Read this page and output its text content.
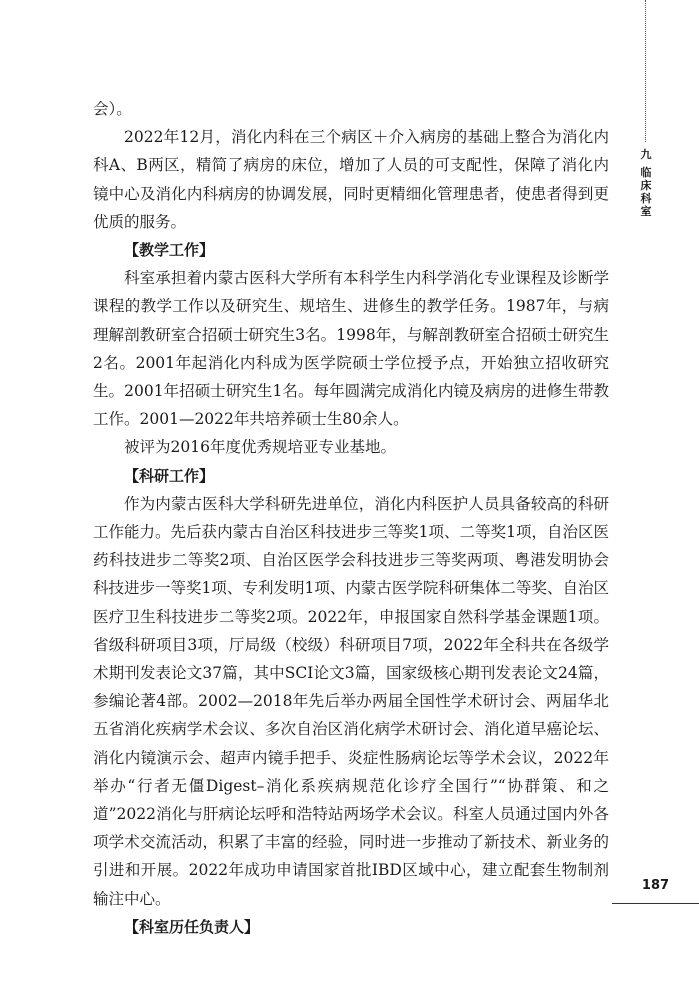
九
临
床
科
室

会）。

2022年12月，消化内科在三个病区＋介入病房的基础上整合为消化内科A、B两区，精简了病房的床位，增加了人员的可支配性，保障了消化内镜中心及消化内科病房的协调发展，同时更精细化管理患者，使患者得到更优质的服务。

【教学工作】

科室承担着内蒙古医科大学所有本科学生内科学消化专业课程及诊断学课程的教学工作以及研究生、规培生、进修生的教学任务。1987年，与病理解剖教研室合招硕士研究生3名。1998年，与解剖教研室合招硕士研究生2名。2001年起消化内科成为医学院硕士学位授予点，开始独立招收研究生。2001年招硕士研究生1名。每年圆满完成消化内镜及病房的进修生带教工作。2001—2022年共培养硕士生80余人。

被评为2016年度优秀规培亚专业基地。

【科研工作】

作为内蒙古医科大学科研先进单位，消化内科医护人员具备较高的科研工作能力。先后获内蒙古自治区科技进步三等奖1项、二等奖1项，自治区医药科技进步二等奖2项、自治区医学会科技进步三等奖两项、粤港发明协会科技进步一等奖1项、专利发明1项、内蒙古医学院科研集体二等奖、自治区医疗卫生科技进步二等奖2项。2022年，申报国家自然科学基金课题1项。省级科研项目3项，厅局级（校级）科研项目7项，2022年全科共在各级学术期刊发表论文37篇，其中SCI论文3篇，国家级核心期刊发表论文24篇，参编论著4部。2002—2018年先后举办两届全国性学术研讨会、两届华北五省消化疾病学术会议、多次自治区消化病学术研讨会、消化道早癌论坛、消化内镜演示会、超声内镜手把手、炎症性肠病论坛等学术会议，2022年举办“行者无僵Digest–消化系疾病规范化诊疗全国行”“协群策、和之道”2022消化与肝病论坛呼和浩特站两场学术会议。科室人员通过国内外各项学术交流活动，积累了丰富的经验，同时进一步推动了新技术、新业务的引进和开展。2022年成功申请国家首批IBD区域中心，建立配套生物制剂输注中心。

【科室历任负责人】

187
